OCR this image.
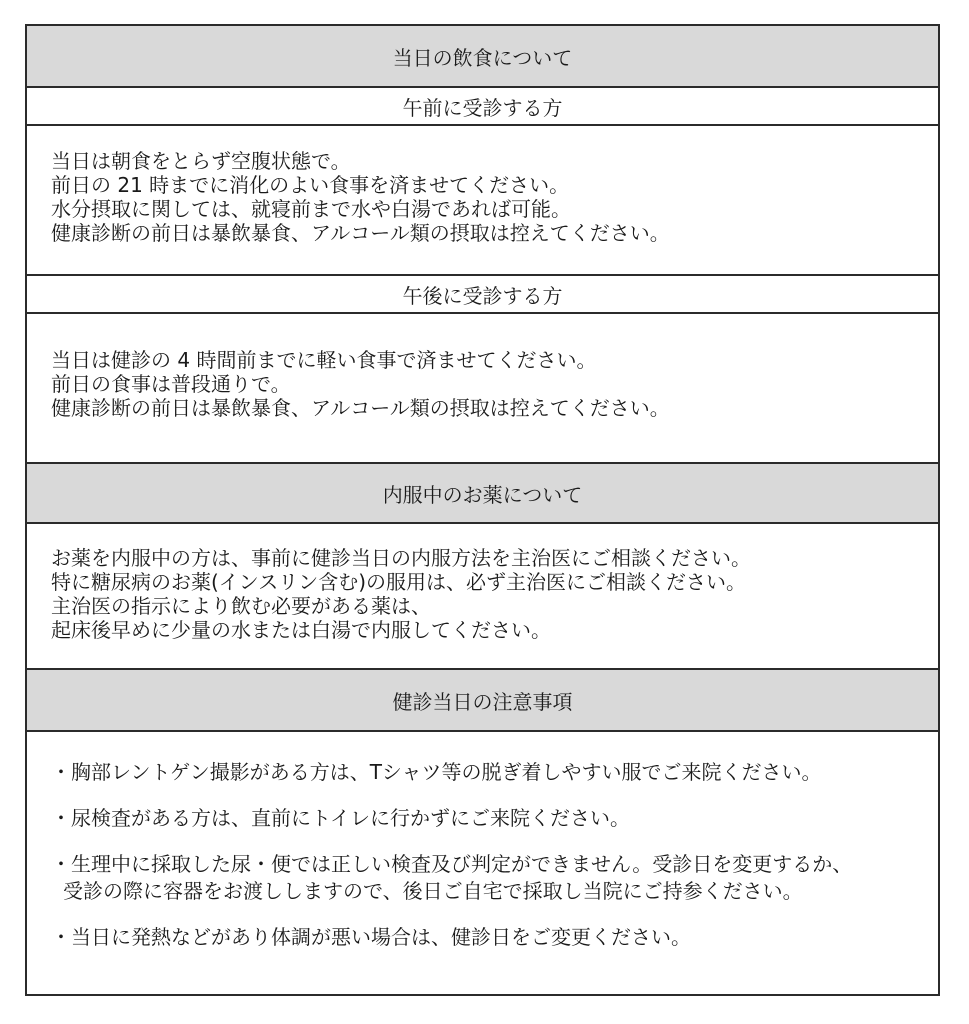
当日の飲食について
午前に受診する方

当日は朝食をとらず空腹状態で。

前日の 21 時までに消化のよい食事を済ませてください。

水分摂取に関しては、就寝前まで水や白湯であれば可能。

健康診断の前日は暴飲暴食、アルコール類の摂取は控えてください。

午後に受診する方

当日は健診の 4 時間前までに軽い食事で済ませてください。

前日の食事は普段通りで。

健康診断の前日は暴飲暴食、アルコール類の摂取は控えてください。

内服中のお薬について

お薬を内服中の方は、事前に健診当日の内服方法を主治医にご相談ください。

特に糖尿病のお薬(インスリン含む)の服用は、必ず主治医にご相談ください。

主治医の指示により飲む必要がある薬は、

起床後早めに少量の水または白湯で内服してください。

健診当日の注意事項

・胸部レントゲン撮影がある方は、Tシャツ等の脱ぎ着しやすい服でご来院ください。

・尿検査がある方は、直前にトイレに行かずにご来院ください。

・生理中に採取した尿・便では正しい検査及び判定ができません。受診日を変更するか、

受診の際に容器をお渡ししますので、後日ご自宅で採取し当院にご持参ください。

・当日に発熱などがあり体調が悪い場合は、健診日をご変更ください。
